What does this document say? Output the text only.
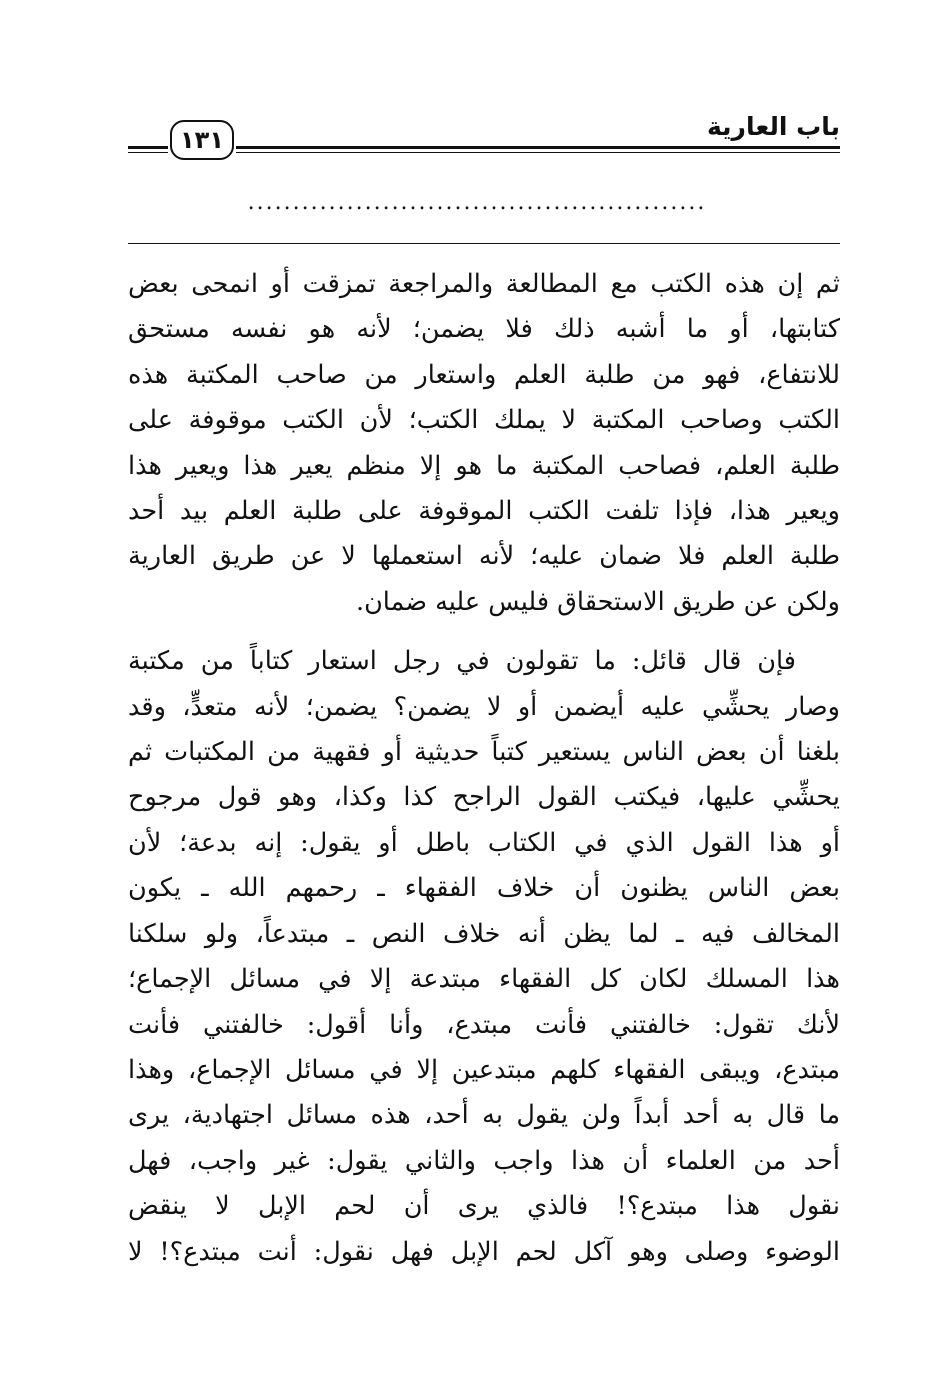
باب العارية
١٣١
...................................................
ثم إن هذه الكتب مع المطالعة والمراجعة تمزقت أو انمحى بعض
كتابتها، أو ما أشبه ذلك فلا يضمن؛ لأنه هو نفسه مستحق
للانتفاع، فهو من طلبة العلم واستعار من صاحب المكتبة هذه
الكتب وصاحب المكتبة لا يملك الكتب؛ لأن الكتب موقوفة على
طلبة العلم، فصاحب المكتبة ما هو إلا منظم يعير هذا ويعير هذا
ويعير هذا، فإذا تلفت الكتب الموقوفة على طلبة العلم بيد أحد
طلبة العلم فلا ضمان عليه؛ لأنه استعملها لا عن طريق العارية
ولكن عن طريق الاستحقاق فليس عليه ضمان.
فإن قال قائل: ما تقولون في رجل استعار كتاباً من مكتبة
وصار يحشِّي عليه أيضمن أو لا يضمن؟ يضمن؛ لأنه متعدٍّ، وقد
بلغنا أن بعض الناس يستعير كتباً حديثية أو فقهية من المكتبات ثم
يحشِّي عليها، فيكتب القول الراجح كذا وكذا، وهو قول مرجوح
أو هذا القول الذي في الكتاب باطل أو يقول: إنه بدعة؛ لأن
بعض الناس يظنون أن خلاف الفقهاء ـ رحمهم الله ـ يكون
المخالف فيه ـ لما يظن أنه خلاف النص ـ مبتدعاً، ولو سلكنا
هذا المسلك لكان كل الفقهاء مبتدعة إلا في مسائل الإجماع؛
لأنك تقول: خالفتني فأنت مبتدع، وأنا أقول: خالفتني فأنت
مبتدع، ويبقى الفقهاء كلهم مبتدعين إلا في مسائل الإجماع، وهذا
ما قال به أحد أبداً ولن يقول به أحد، هذه مسائل اجتهادية، يرى
أحد من العلماء أن هذا واجب والثاني يقول: غير واجب، فهل
نقول هذا مبتدع؟! فالذي يرى أن لحم الإبل لا ينقض
الوضوء وصلى وهو آكل لحم الإبل فهل نقول: أنت مبتدع؟! لا
